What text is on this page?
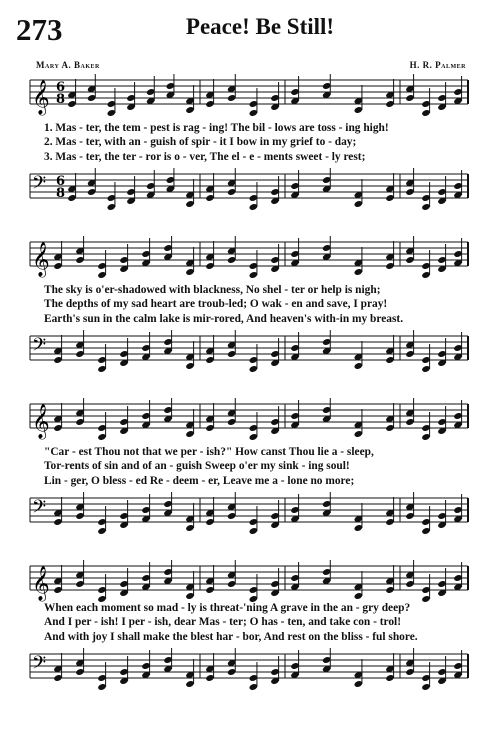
273	Peace! Be Still!
Mary A. Baker	H. R. Palmer
𝄞 6
8
1. Mas - ter, the tem - pest is rag - ing! The bil - lows are toss - ing high!
2. Mas - ter, with an - guish of spir - it I bow in my grief to - day;
3. Mas - ter, the ter - ror is o - ver, The el - e - ments sweet - ly rest;
𝄢 6
8
𝄞
The sky is o'er-shadowed with blackness, No shel - ter or help is nigh;
The depths of my sad heart are troub-led; O wak - en and save, I pray!
Earth's sun in the calm lake is mir-rored, And heaven's with-in my breast.
𝄢
𝄞
"Car - est Thou not that we per - ish?" How canst Thou lie a - sleep,
Tor-rents of sin and of an - guish Sweep o'er my sink - ing soul!
Lin - ger, O bless - ed Re - deem - er, Leave me a - lone no more;
𝄢
𝄞
When each moment so mad - ly is threat-'ning A grave in the an - gry deep?
And I per - ish! I per - ish, dear Mas - ter; O has - ten, and take con - trol!
And with joy I shall make the blest har - bor, And rest on the bliss - ful shore.
𝄢
